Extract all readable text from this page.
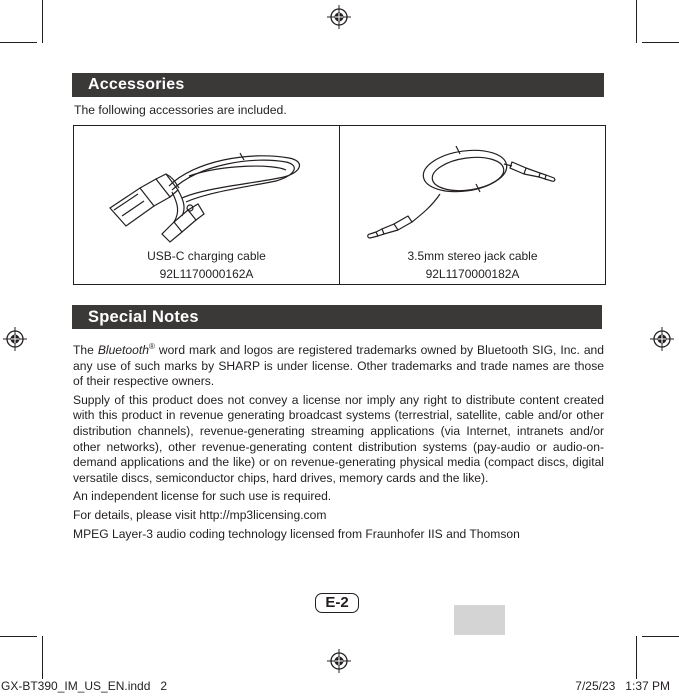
Accessories
The following accessories are included.
USB-C charging cable
92L1170000162A
3.5mm stereo jack cable
92L1170000182A
Special Notes

The Bluetooth® word mark and logos are registered trademarks owned by Bluetooth SIG, Inc. and any use of such marks by SHARP is under license. Other trademarks and trade names are those of their respective owners.

Supply of this product does not convey a license nor imply any right to distribute content created with this product in revenue generating broadcast systems (terrestrial, satellite, cable and/or other distribution channels), revenue-generating streaming applications (via Internet, intranets and/or other networks), other revenue-generating content distribution systems (pay-audio or audio-on-demand applications and the like) or on revenue-generating physical media (compact discs, digital versatile discs, semiconductor chips, hard drives, memory cards and the like).

An independent license for such use is required.

For details, please visit http://mp3licensing.com

MPEG Layer-3 audio coding technology licensed from Fraunhofer IIS and Thomson

E-2
GX-BT390_IM_US_EN.indd   2	7/25/23   1:37 PM
